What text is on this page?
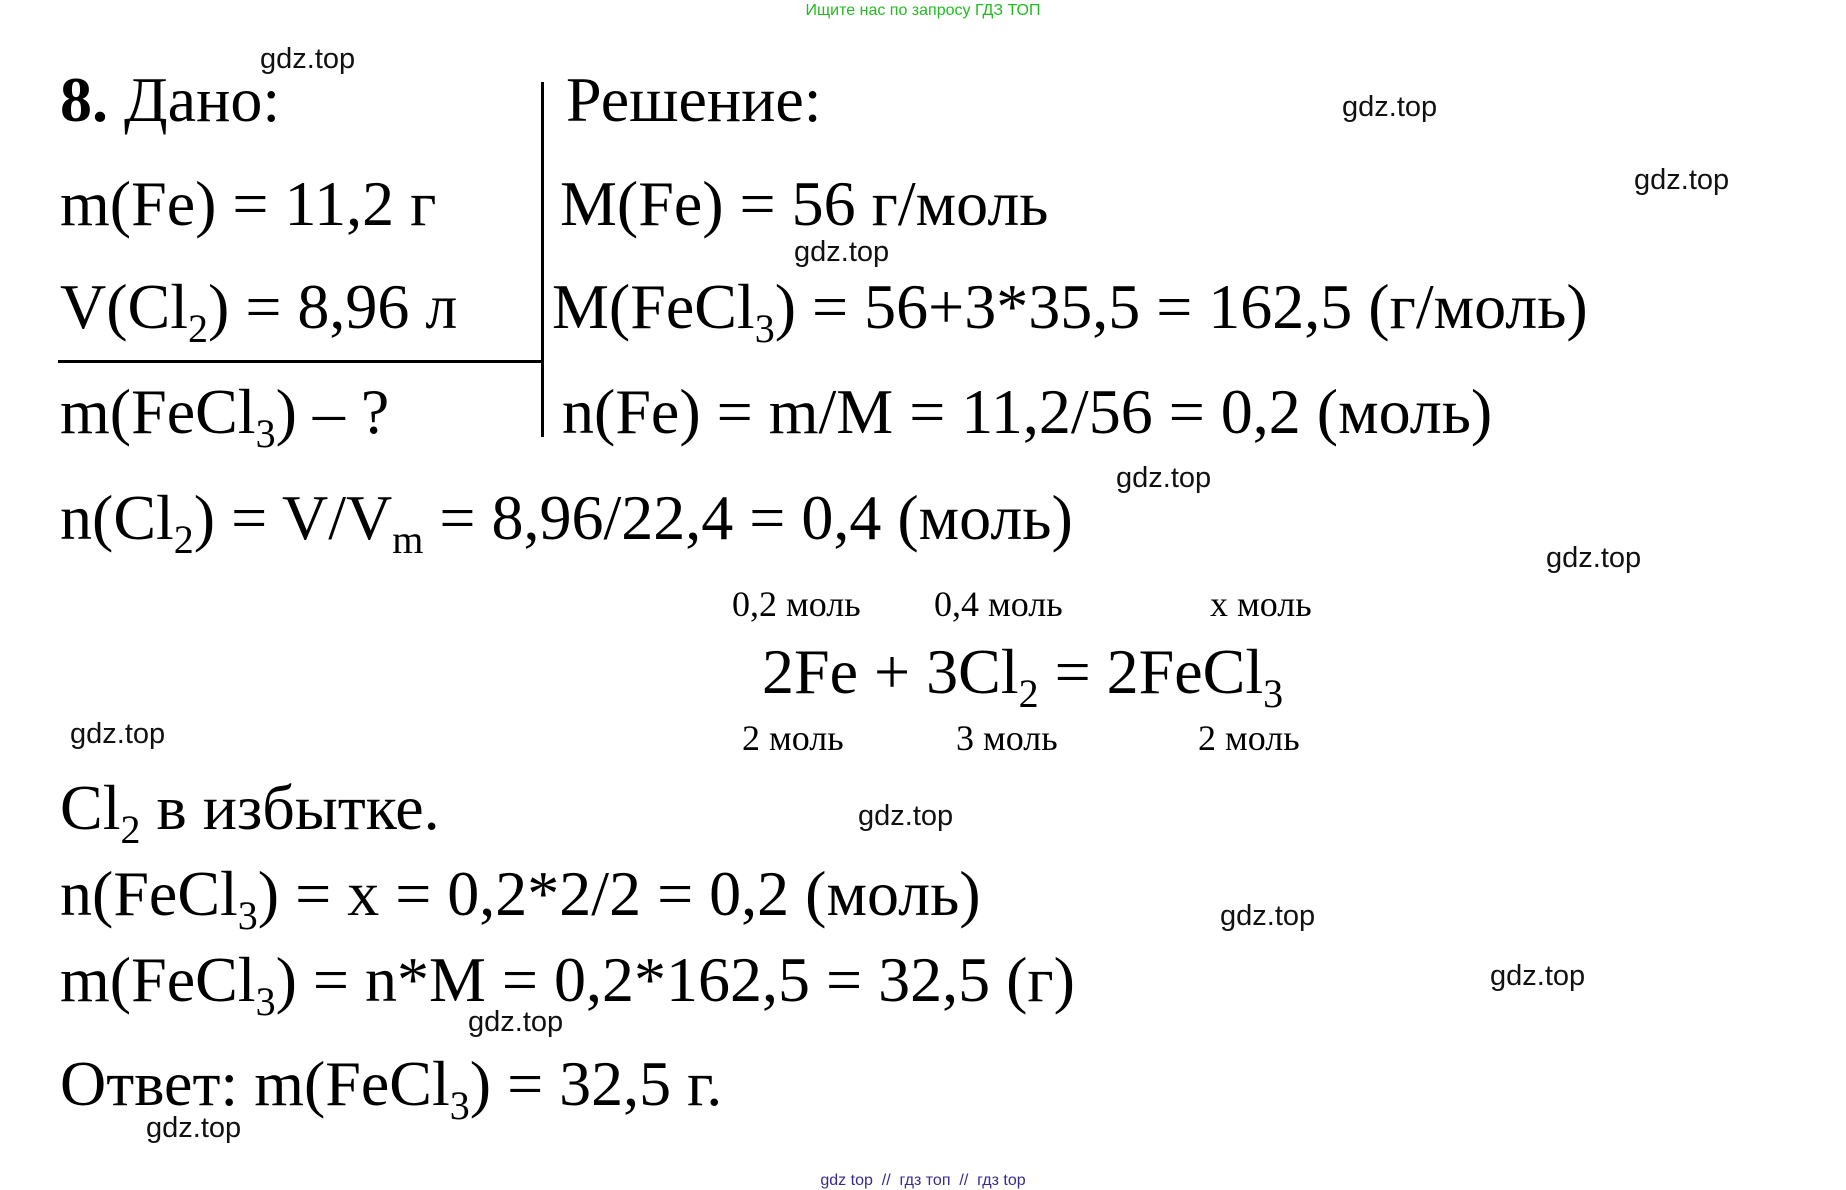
Ищите нас по запросу ГДЗ ТОП
8. Дано:
m(Fe) = 11,2 г
$V(Cl_2) = 8,96$ л
m(FeCl$_3$) – ?
Решение:
M(Fe) = 56 г/моль
M(FeCl$_3$) = 56+3*35,5 = 162,5 (г/моль)
n(Fe) = m/M = 11,2/56 = 0,2 (моль)
$n(Cl_2) = V/V_m = 8,96/22,4 = 0,4$ (моль)
0,2 моль 0,4 моль	x моль
$2Fe + 3Cl_2$ = 2FeCl$_3$
2 моль	3 моль	2 моль
$Cl_2$ в избытке.
n(FeCl$_3$) = x = 0,2*2/2 = 0,2 (моль)
m(FeCl$_3$) = n*M = 0,2*162,5 = 32,5 (г)
Ответ: m(FeCl$_3$) = 32,5 г.
gdz.top
gdz.top
gdz.top
gdz.top
gdz.top
gdz.top
gdz.top
gdz.top
gdz.top
gdz.top
gdz.top
gdz.top
gdz top  //  гдз топ  //  гдз top
